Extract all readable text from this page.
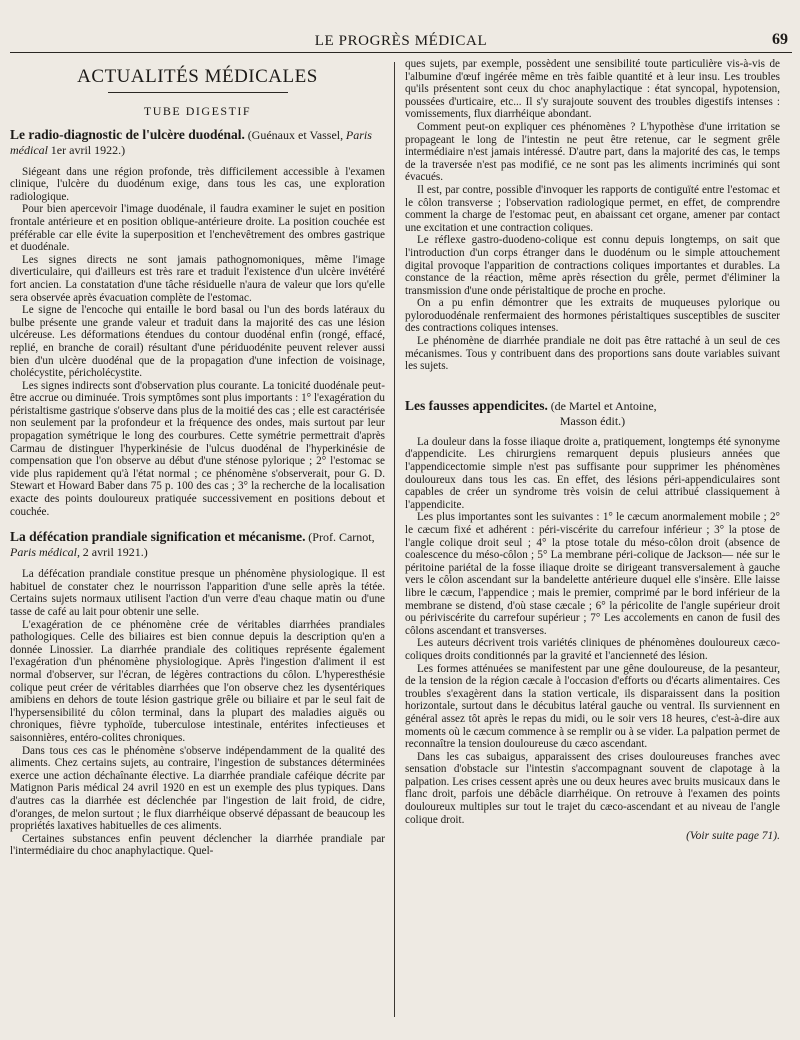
LE PROGRÈS MÉDICAL	69
ACTUALITÉS MÉDICALES
TUBE DIGESTIF
Le radio-diagnostic de l'ulcère duodénal. (Guénaux et Vassel, Paris médical 1er avril 1922.)

Siégeant dans une région profonde, très difficilement accessible à l'examen clinique, l'ulcère du duodénum exige, dans tous les cas, une exploration radiologique.

Pour bien apercevoir l'image duodénale, il faudra examiner le sujet en position frontale antérieure et en position oblique-antérieure droite. La position couchée est préférable car elle évite la superposition et l'enchevêtrement des ombres gastrique et duodénale.

Les signes directs ne sont jamais pathognomoniques, même l'image diverticulaire, qui d'ailleurs est très rare et traduit l'existence d'un ulcère invétéré fort ancien. La constatation d'une tâche résiduelle n'aura de valeur que lors qu'elle sera observée après évacuation complète de l'estomac.

Le signe de l'encoche qui entaille le bord basal ou l'un des bords latéraux du bulbe présente une grande valeur et traduit dans la majorité des cas une lésion ulcéreuse. Les déformations étendues du contour duodénal enfin (rongé, effacé, replié, en branche de corail) résultant d'une périduodénite peuvent relever aussi bien d'un ulcère duodénal que de la propagation d'une infection de voisinage, cholécystite, péricholécystite.

Les signes indirects sont d'observation plus courante. La tonicité duodénale peut-être accrue ou diminuée. Trois symptômes sont plus importants : 1° l'exagération du péristaltisme gastrique s'observe dans plus de la moitié des cas ; elle est caractérisée non seulement par la profondeur et la fréquence des ondes, mais surtout par leur propagation symétrique le long des courbures. Cette symétrie permettrait d'après Carmau de distinguer l'hyperkinésie de l'ulcus duodénal de l'hyperkinésie de compensation que l'on observe au début d'une sténose pylorique ; 2° l'estomac se vide plus rapidement qu'à l'état normal ; ce phénomène s'observerait, pour G. D. Stewart et Howard Baber dans 75 p. 100 des cas ; 3° la recherche de la localisation exacte des points douloureux pratiquée successivement en positions debout et couchée.

La défécation prandiale signification et mécanisme. (Prof. Carnot, Paris médical, 2 avril 1921.)

La défécation prandiale constitue presque un phénomène physiologique. Il est habituel de constater chez le nourrisson l'apparition d'une selle après la tétée. Certains sujets normaux utilisent l'action d'un verre d'eau chaque matin ou d'une tasse de café au lait pour obtenir une selle.

L'exagération de ce phénomène crée de véritables diarrhées prandiales pathologiques. Celle des biliaires est bien connue depuis la description qu'en a donnée Linossier. La diarrhée prandiale des colitiques représente également l'exagération d'un phénomène physiologique. Après l'ingestion d'aliment il est normal d'observer, sur l'écran, de légères contractions du côlon. L'hyperesthésie colique peut créer de véritables diarrhées que l'on observe chez les dysentériques amibiens en dehors de toute lésion gastrique grêle ou biliaire et par le seul fait de l'hypersensibilité du côlon terminal, dans la plupart des maladies aiguës ou chroniques, fièvre typhoïde, tuberculose intestinale, entérites infectieuses et saisonnières, entéro-colites chroniques.

Dans tous ces cas le phénomène s'observe indépendamment de la qualité des aliments. Chez certains sujets, au contraire, l'ingestion de substances déterminées exerce une action déchaînante élective. La diarrhée prandiale caféique décrite par Matignon Paris médical 24 avril 1920 en est un exemple des plus typiques. Dans d'autres cas la diarrhée est déclenchée par l'ingestion de lait froid, de cidre, d'oranges, de melon surtout ; le flux diarrhéique observé dépassant de beaucoup les propriétés laxatives habituelles de ces aliments.

Certaines substances enfin peuvent déclencher la diarrhée prandiale par l'intermédiaire du choc anaphylactique. Quel-

ques sujets, par exemple, possèdent une sensibilité toute particulière vis-à-vis de l'albumine d'œuf ingérée même en très faible quantité et à leur insu. Les troubles qu'ils présentent sont ceux du choc anaphylactique : état syncopal, hypotension, poussées d'urticaire, etc... Il s'y surajoute souvent des troubles digestifs intenses : vomissements, flux diarrhéique abondant.

Comment peut-on expliquer ces phénomènes ? L'hypothèse d'une irritation se propageant le long de l'intestin ne peut être retenue, car le segment grêle intermédiaire n'est jamais intéressé. D'autre part, dans la majorité des cas, le temps de la traversée n'est pas modifié, ce ne sont pas les aliments incriminés qui sont évacués.

Il est, par contre, possible d'invoquer les rapports de contiguïté entre l'estomac et le côlon transverse ; l'observation radiologique permet, en effet, de comprendre comment la charge de l'estomac peut, en abaissant cet organe, amener par contact une excitation et une contraction coliques.

Le réflexe gastro-duodeno-colique est connu depuis longtemps, on sait que l'introduction d'un corps étranger dans le duodénum ou le simple attouchement digital provoque l'apparition de contractions coliques importantes et durables. La constance de la réaction, même après résection du grêle, permet d'éliminer la transmission d'une onde péristaltique de proche en proche.

On a pu enfin démontrer que les extraits de muqueuses pylorique ou pyloroduodénale renfermaient des hormones péristaltiques susceptibles de susciter des contractions coliques intenses.

Le phénomène de diarrhée prandiale ne doit pas être rattaché à un seul de ces mécanismes. Tous y contribuent dans des proportions sans doute variables suivant les sujets.

Les fausses appendicites. (de Martel et Antoine,
Masson édit.)

La douleur dans la fosse iliaque droite a, pratiquement, longtemps été synonyme d'appendicite. Les chirurgiens remarquent depuis plusieurs années que l'appendicectomie simple n'est pas suffisante pour supprimer les phénomènes douloureux dans tous les cas. En effet, des lésions péri-appendiculaires sont capables de créer un syndrome très voisin de celui attribué classiquement à l'appendicite.

Les plus importantes sont les suivantes : 1° le cæcum anormalement mobile ; 2° le cæcum fixé et adhérent : péri-viscérite du carrefour inférieur ; 3° la ptose de l'angle colique droit seul ; 4° la ptose totale du méso-côlon droit (absence de coalescence du méso-côlon ; 5° La membrane péri-colique de Jackson— née sur le péritoine pariétal de la fosse iliaque droite se dirigeant transversalement à gauche vers le côlon ascendant sur la bandelette antérieure duquel elle s'insère. Elle laisse libre le cæcum, l'appendice ; mais le premier, comprimé par le bord inférieur de la membrane se distend, d'où stase cæcale ; 6° la péricolite de l'angle supérieur droit ou périviscérite du carrefour supérieur ; 7° Les accolements en canon de fusil des côlons ascendant et transverses.

Les auteurs décrivent trois variétés cliniques de phénomènes douloureux cæco-coliques droits conditionnés par la gravité et l'ancienneté des lésion.

Les formes atténuées se manifestent par une gêne douloureuse, de la pesanteur, de la tension de la région cæcale à l'occasion d'efforts ou d'écarts alimentaires. Ces troubles s'exagèrent dans la station verticale, ils disparaissent dans la position horizontale, surtout dans le décubitus latéral gauche ou ventral. Ils surviennent en général assez tôt après le repas du midi, ou le soir vers 18 heures, c'est-à-dire aux moments où le cæcum commence à se remplir ou à se vider. La palpation permet de reconnaître la tension douloureuse du cæco ascendant.

Dans les cas subaigus, apparaissent des crises douloureuses franches avec sensation d'obstacle sur l'intestin s'accompagnant souvent de clapotage à la palpation. Les crises cessent après une ou deux heures avec bruits musicaux dans le flanc droit, parfois une débâcle diarrhéique. On retrouve à l'examen des points douloureux multiples sur tout le trajet du cæco-ascendant et au niveau de l'angle colique droit.

(Voir suite page 71).
